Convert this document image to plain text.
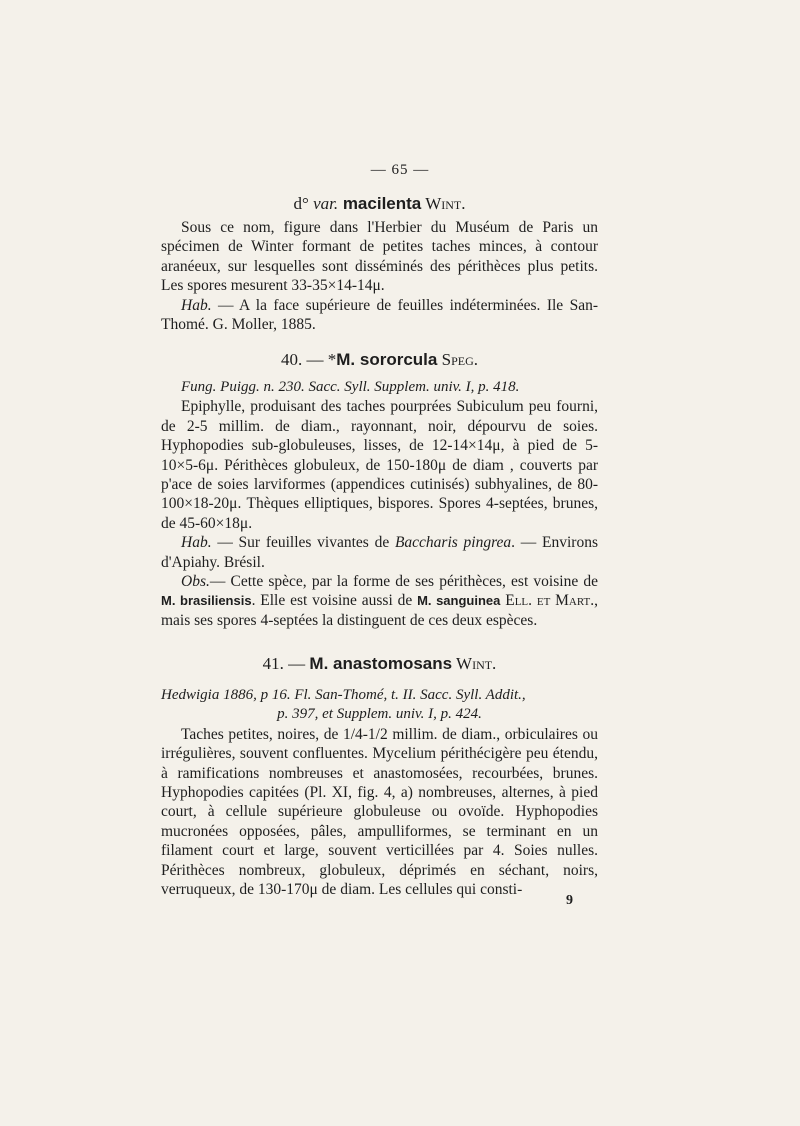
— 65 —
d° var. macilenta Wint.

Sous ce nom, figure dans l'Herbier du Muséum de Paris un spécimen de Winter formant de petites taches minces, à contour aranéeux, sur lesquelles sont disséminés des périthèces plus petits. Les spores mesurent 33-35×14-14μ.

Hab. — A la face supérieure de feuilles indéterminées. Ile San-Thomé. G. Moller, 1885.

40. — *M. sororcula Speg.

Fung. Puigg. n. 230. Sacc. Syll. Supplem. univ. I, p. 418.

Epiphylle, produisant des taches pourprées Subiculum peu fourni, de 2-5 millim. de diam., rayonnant, noir, dépourvu de soies. Hyphopodies sub-globuleuses, lisses, de 12-14×14μ, à pied de 5-10×5-6μ. Périthèces globuleux, de 150-180μ de diam , couverts par p'ace de soies larviformes (appendices cutinisés) subhyalines, de 80-100×18-20μ. Thèques elliptiques, bispores. Spores 4-septées, brunes, de 45-60×18μ.

Hab. — Sur feuilles vivantes de Baccharis pingrea. — Environs d'Apiahy. Brésil.

Obs.— Cette spèce, par la forme de ses périthèces, est voisine de M. brasiliensis. Elle est voisine aussi de M. sanguinea Ell. et Mart., mais ses spores 4-septées la distinguent de ces deux espèces.

41. — M. anastomosans Wint.

Hedwigia 1886, p 16. Fl. San-Thomé, t. II. Sacc. Syll. Addit.,

p. 397, et Supplem. univ. I, p. 424.

Taches petites, noires, de 1/4-1/2 millim. de diam., orbiculaires ou irrégulières, souvent confluentes. Mycelium périthécigère peu étendu, à ramifications nombreuses et anastomosées, recourbées, brunes. Hyphopodies capitées (Pl. XI, fig. 4, a) nombreuses, alternes, à pied court, à cellule supérieure globuleuse ou ovoïde. Hyphopodies mucronées opposées, pâles, ampulliformes, se terminant en un filament court et large, souvent verticillées par 4. Soies nulles. Périthèces nombreux, globuleux, déprimés en séchant, noirs, verruqueux, de 130-170μ de diam. Les cellules qui consti-

9
